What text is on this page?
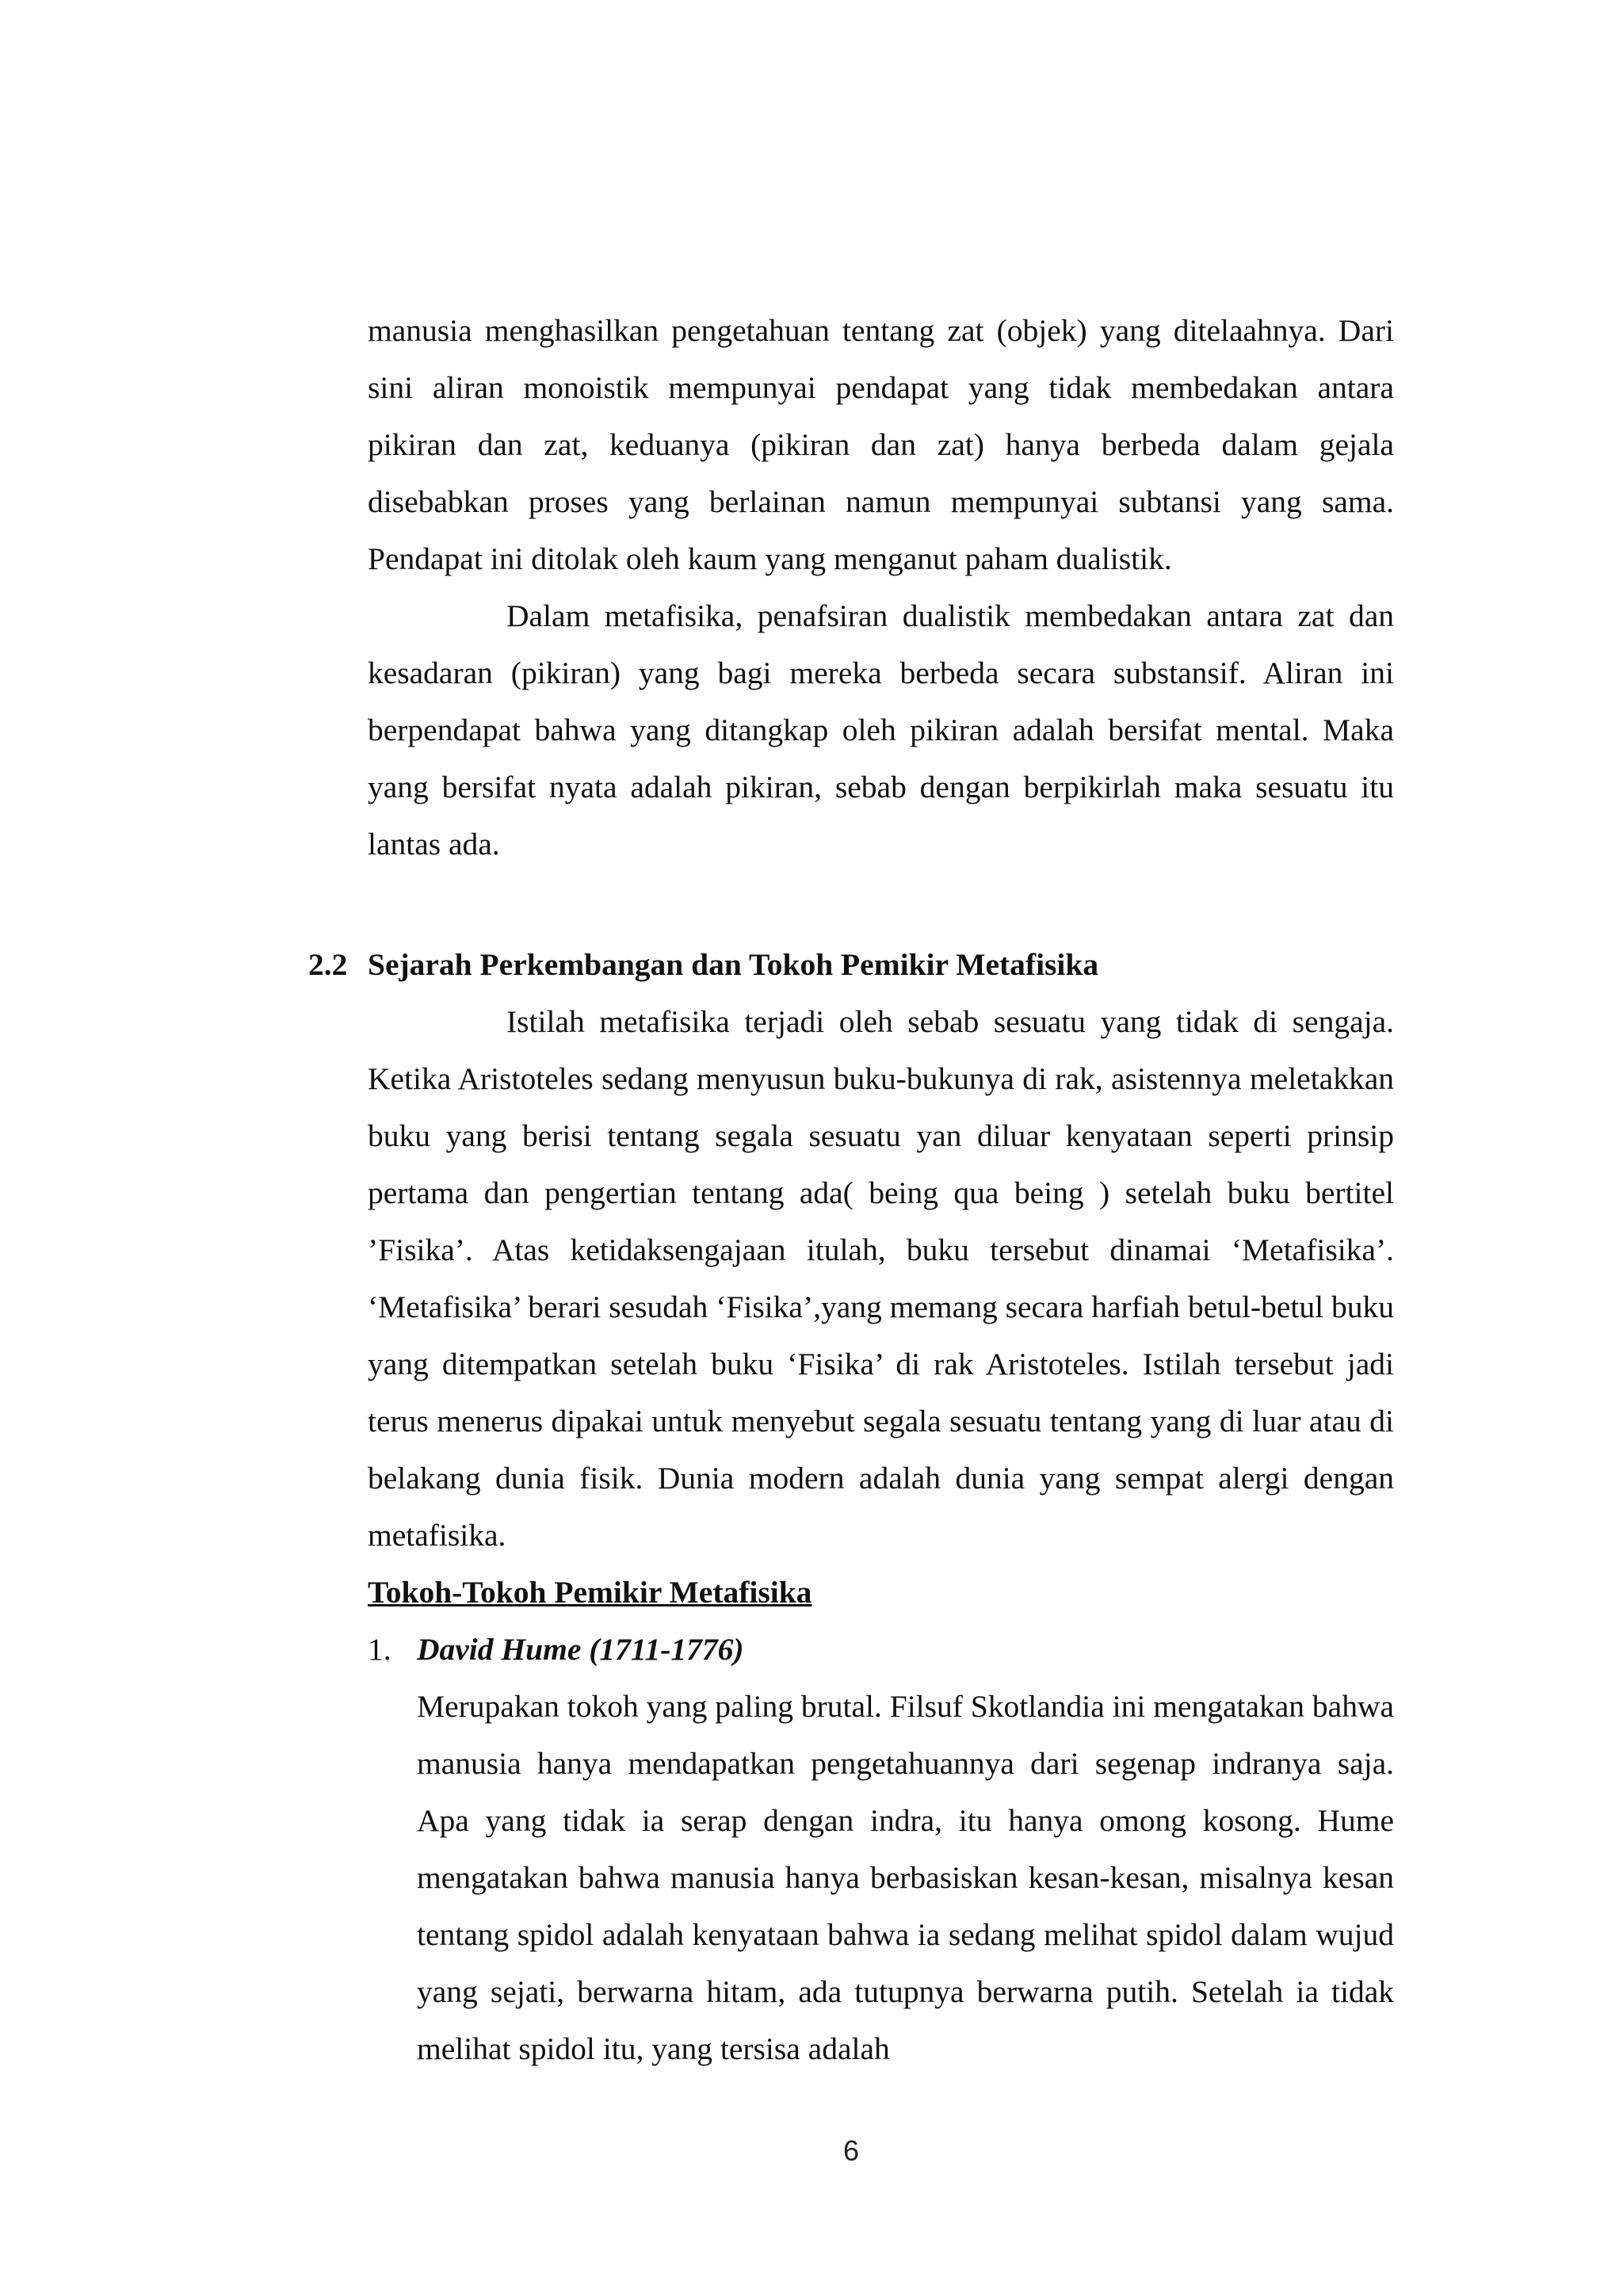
manusia menghasilkan pengetahuan tentang zat (objek) yang ditelaahnya. Dari sini aliran monoistik mempunyai pendapat yang tidak membedakan antara pikiran dan zat, keduanya (pikiran dan zat) hanya berbeda dalam gejala disebabkan proses yang berlainan namun mempunyai subtansi yang sama. Pendapat ini ditolak oleh kaum yang menganut paham dualistik.

Dalam metafisika, penafsiran dualistik membedakan antara zat dan kesadaran (pikiran) yang bagi mereka berbeda secara substansif. Aliran ini berpendapat bahwa yang ditangkap oleh pikiran adalah bersifat mental. Maka yang bersifat nyata adalah pikiran, sebab dengan berpikirlah maka sesuatu itu lantas ada.

2.2 Sejarah Perkembangan dan Tokoh Pemikir Metafisika

Istilah metafisika terjadi oleh sebab sesuatu yang tidak di sengaja. Ketika Aristoteles sedang menyusun buku-bukunya di rak, asistennya meletakkan buku yang berisi tentang segala sesuatu yan diluar kenyataan seperti prinsip pertama dan pengertian tentang ada( being qua being ) setelah buku bertitel ’Fisika’. Atas ketidaksengajaan itulah, buku tersebut dinamai ‘Metafisika’. ‘Metafisika’ berari sesudah ‘Fisika’,yang memang secara harfiah betul-betul buku yang ditempatkan setelah buku ‘Fisika’ di rak Aristoteles. Istilah tersebut jadi terus menerus dipakai untuk menyebut segala sesuatu tentang yang di luar atau di belakang dunia fisik. Dunia modern adalah dunia yang sempat alergi dengan metafisika.

Tokoh-Tokoh Pemikir Metafisika

1. David Hume (1711-1776)

Merupakan tokoh yang paling brutal. Filsuf Skotlandia ini mengatakan bahwa manusia hanya mendapatkan pengetahuannya dari segenap indranya saja. Apa yang tidak ia serap dengan indra, itu hanya omong kosong. Hume mengatakan bahwa manusia hanya berbasiskan kesan-kesan, misalnya kesan tentang spidol adalah kenyataan bahwa ia sedang melihat spidol dalam wujud yang sejati, berwarna hitam, ada tutupnya berwarna putih. Setelah ia tidak melihat spidol itu, yang tersisa adalah

6
